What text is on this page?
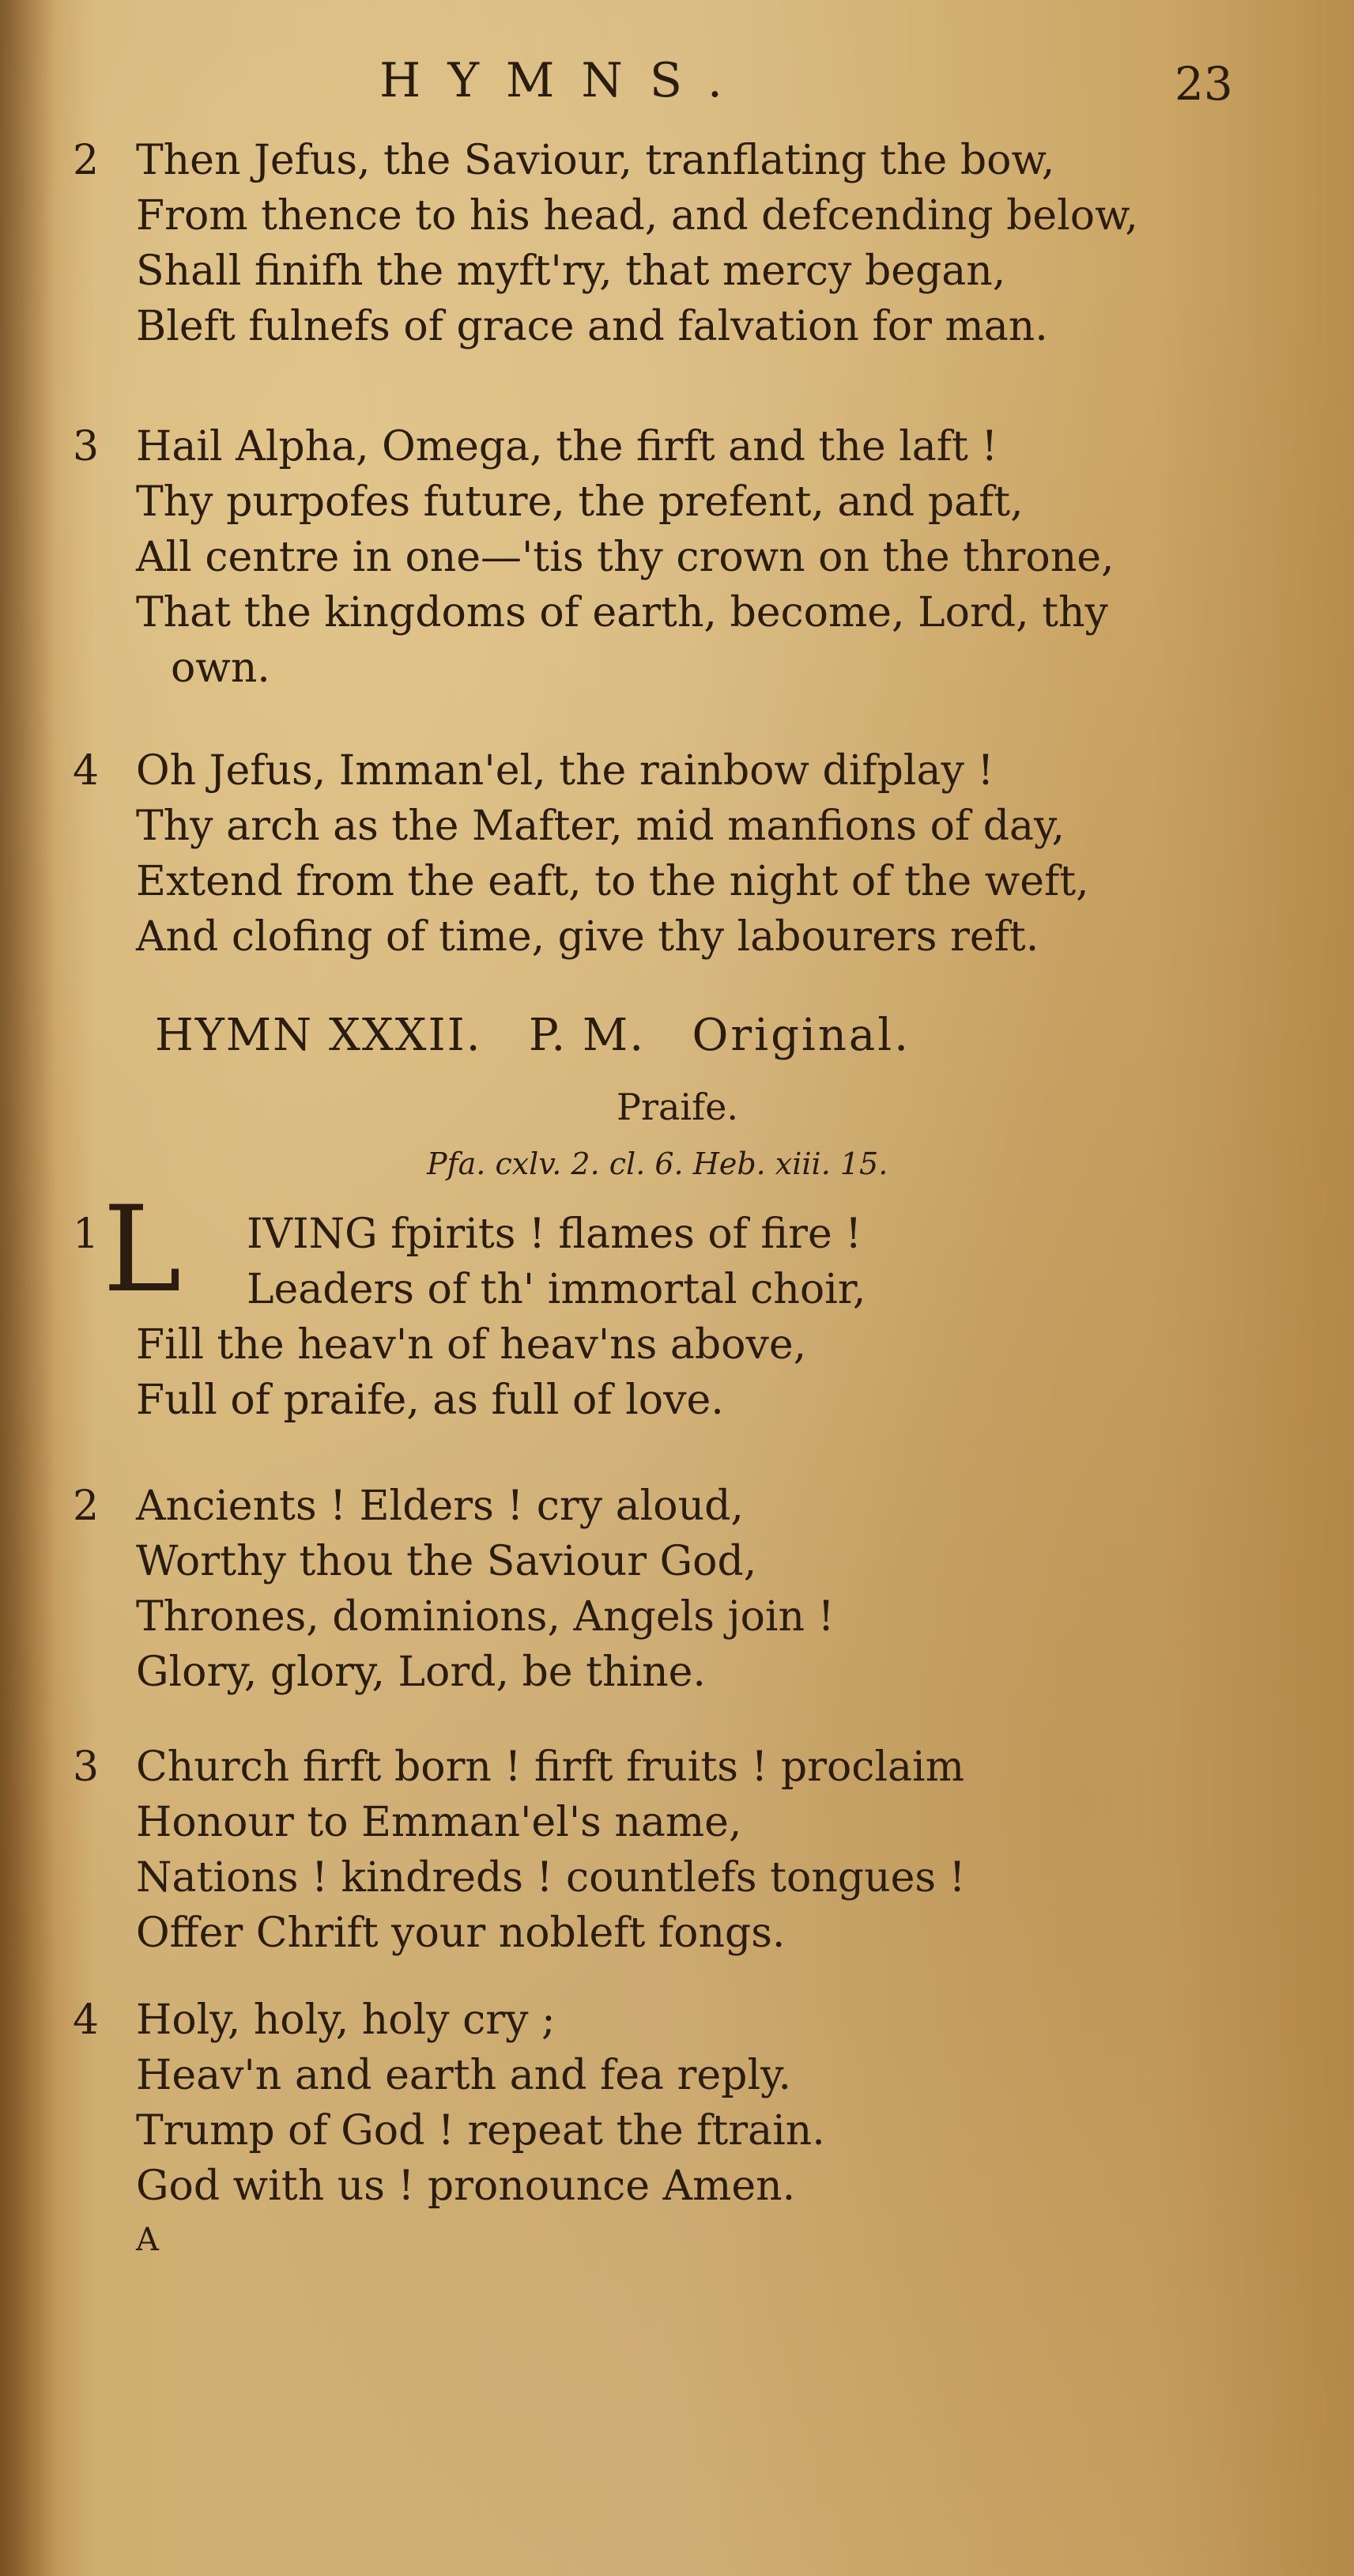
HYMNS.	23
2 Then Jefus, the Saviour, tranflating the bow,
From thence to his head, and defcending below,
Shall finifh the myft'ry, that mercy began,
Bleft fulnefs of grace and falvation for man.
3 Hail Alpha, Omega, the firft and the laft !
Thy purpofes future, the prefent, and paft,
All centre in one—'tis thy crown on the throne,
That the kingdoms of earth, become, Lord, thy
own.
4 Oh Jefus, Imman'el, the rainbow difplay !
Thy arch as the Mafter, mid manfions of day,
Extend from the eaft, to the night of the weft,
And clofing of time, give thy labourers reft.
HYMN XXXII. P. M. Original.
Praife.
Pfa. cxlv. 2. cl. 6. Heb. xiii. 15.
1	IVING fpirits ! flames of fire !
Leaders of th' immortal choir,
Fill the heav'n of heav'ns above,
Full of praife, as full of love.
L
2 Ancients ! Elders ! cry aloud,
Worthy thou the Saviour God,
Thrones, dominions, Angels join !
Glory, glory, Lord, be thine.
3 Church firft born ! firft fruits ! proclaim
Honour to Emman'el's name,
Nations ! kindreds ! countlefs tongues !
Offer Chrift your nobleft fongs.
4 Holy, holy, holy cry ;
Heav'n and earth and fea reply.
Trump of God ! repeat the ftrain.
God with us ! pronounce Amen.
A
